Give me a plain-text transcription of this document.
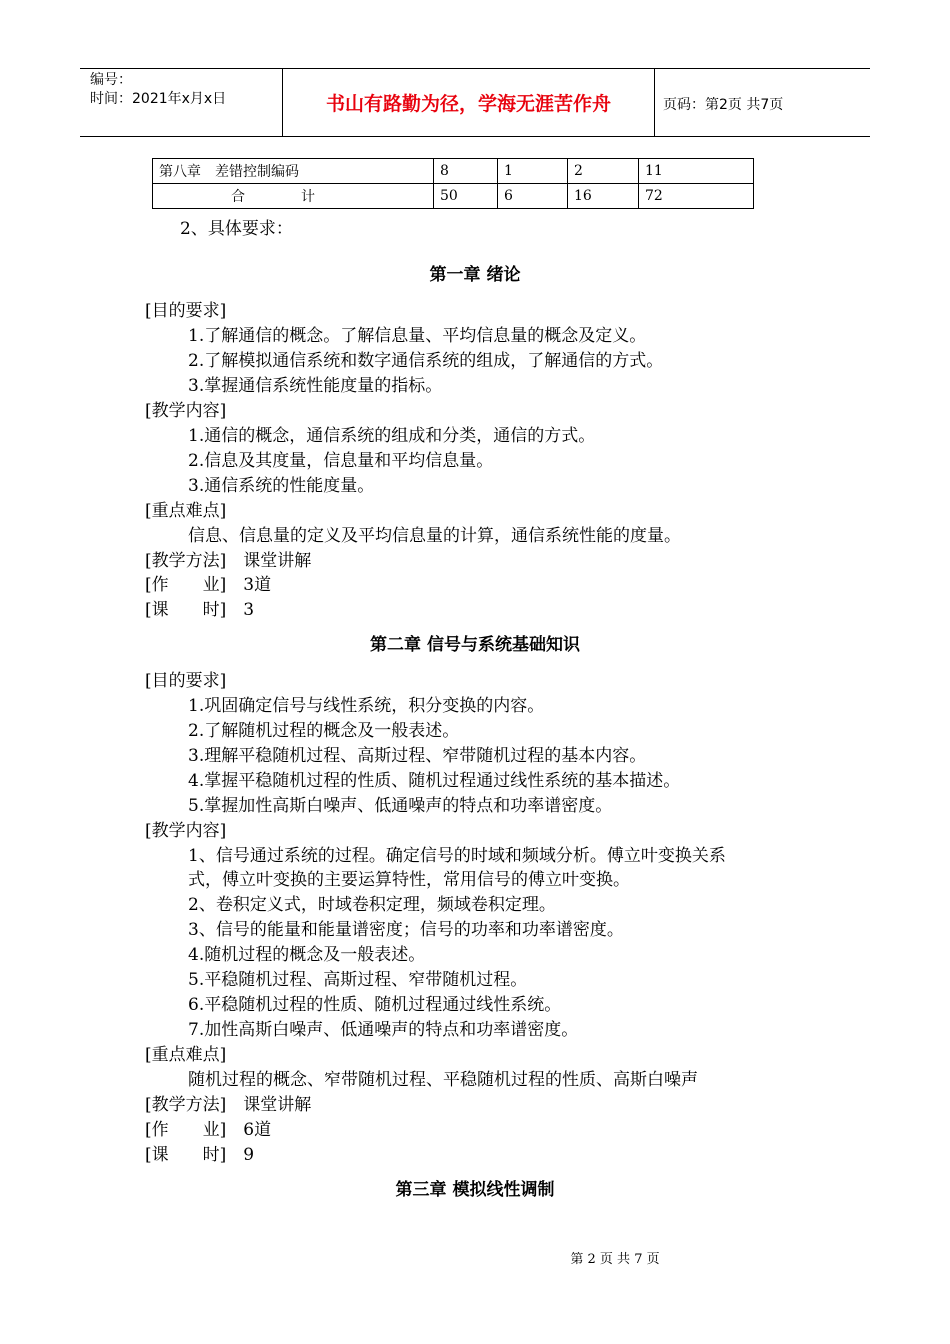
编号：
时间：2021年x月x日	书山有路勤为径，学海无涯苦作舟	页码：第2页 共7页
第八章　差错控制编码	8	1	2	11
合　　　　计	50	6	16	72
2、具体要求：
第一章 绪论
[目的要求]
1.了解通信的概念。了解信息量、平均信息量的概念及定义。
2.了解模拟通信系统和数字通信系统的组成，了解通信的方式。
3.掌握通信系统性能度量的指标。
[教学内容]
1.通信的概念，通信系统的组成和分类，通信的方式。
2.信息及其度量，信息量和平均信息量。
3.通信系统的性能度量。
[重点难点]
信息、信息量的定义及平均信息量的计算，通信系统性能的度量。
[教学方法]　课堂讲解
[作　　业]　3道
[课　　时]　3
第二章 信号与系统基础知识
[目的要求]
1.巩固确定信号与线性系统，积分变换的内容。
2.了解随机过程的概念及一般表述。
3.理解平稳随机过程、高斯过程、窄带随机过程的基本内容。
4.掌握平稳随机过程的性质、随机过程通过线性系统的基本描述。
5.掌握加性高斯白噪声、低通噪声的特点和功率谱密度。
[教学内容]
1、信号通过系统的过程。确定信号的时域和频域分析。傅立叶变换关系
式，傅立叶变换的主要运算特性，常用信号的傅立叶变换。
2、卷积定义式，时域卷积定理，频域卷积定理。
3、信号的能量和能量谱密度；信号的功率和功率谱密度。
4.随机过程的概念及一般表述。
5.平稳随机过程、高斯过程、窄带随机过程。
6.平稳随机过程的性质、随机过程通过线性系统。
7.加性高斯白噪声、低通噪声的特点和功率谱密度。
[重点难点]
随机过程的概念、窄带随机过程、平稳随机过程的性质、高斯白噪声
[教学方法]　课堂讲解
[作　　业]　6道
[课　　时]　9
第三章 模拟线性调制
第 2 页 共 7 页
